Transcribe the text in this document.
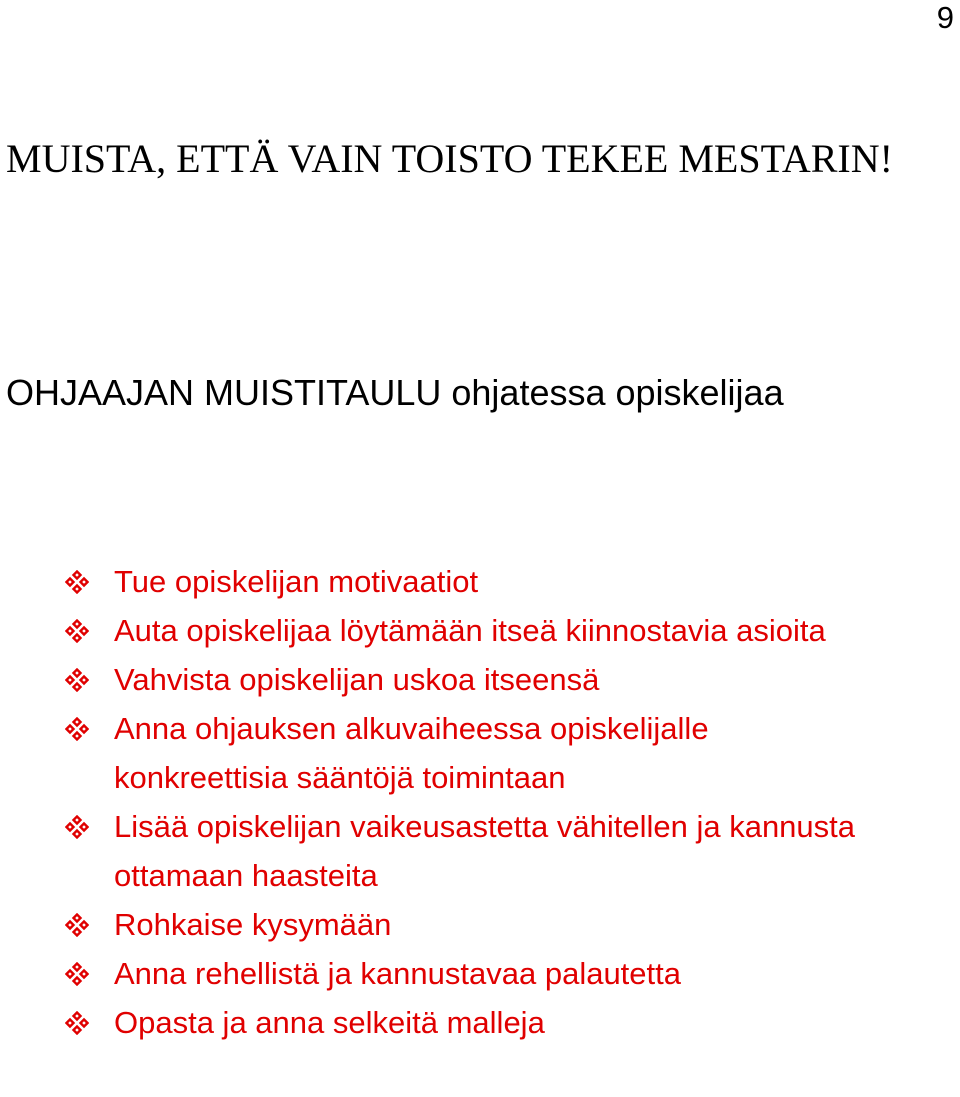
9
MUISTA, ETTÄ VAIN TOISTO TEKEE MESTARIN!
OHJAAJAN MUISTITAULU ohjatessa opiskelijaa
Tue opiskelijan motivaatiot
Auta opiskelijaa löytämään itseä kiinnostavia asioita
Vahvista opiskelijan uskoa itseensä
Anna ohjauksen alkuvaiheessa opiskelijalle konkreettisia sääntöjä toimintaan
Lisää opiskelijan vaikeusastetta vähitellen ja kannusta ottamaan haasteita
Rohkaise kysymään
Anna rehellistä ja kannustavaa palautetta
Opasta ja anna selkeitä malleja
